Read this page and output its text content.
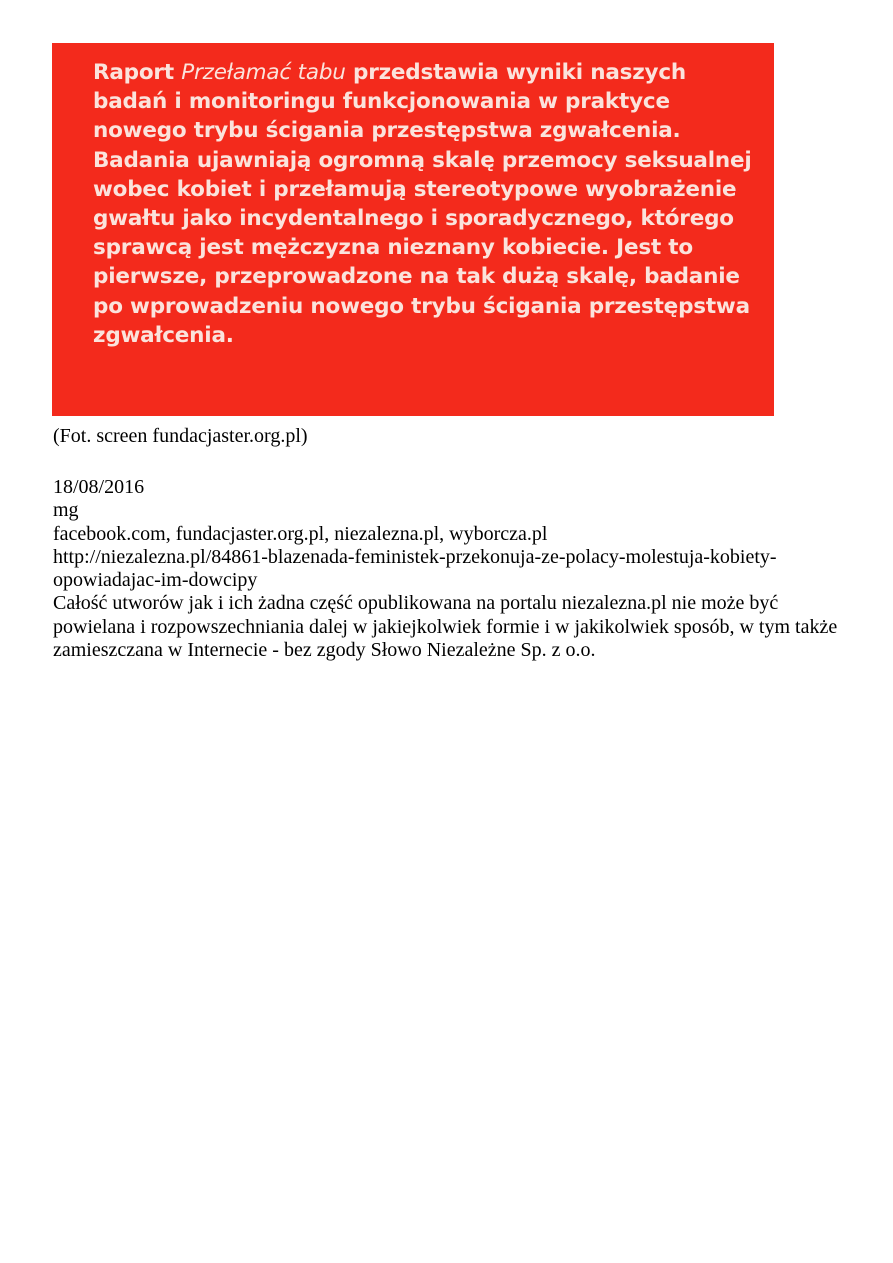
Raport Przełamać tabu przedstawia wyniki naszych badań i monitoringu funkcjonowania w praktyce nowego trybu ścigania przestępstwa zgwałcenia. Badania ujawniają ogromną skalę przemocy seksualnej wobec kobiet i przełamują stereotypowe wyobrażenie gwałtu jako incydentalnego i sporadycznego, którego sprawcą jest mężczyzna nieznany kobiecie. Jest to pierwsze, przeprowadzone na tak dużą skalę, badanie po wprowadzeniu nowego trybu ścigania przestępstwa zgwałcenia.

(Fot. screen fundacjaster.org.pl)

18/08/2016

mg

facebook.com, fundacjaster.org.pl, niezalezna.pl, wyborcza.pl

http://niezalezna.pl/84861-blazenada-feministek-przekonuja-ze-polacy-molestuja-kobiety-opowiadajac-im-dowcipy

Całość utworów jak i ich żadna część opublikowana na portalu niezalezna.pl nie może być powielana i rozpowszechniania dalej w jakiejkolwiek formie i w jakikolwiek sposób, w tym także zamieszczana w Internecie - bez zgody Słowo Niezależne Sp. z o.o.
